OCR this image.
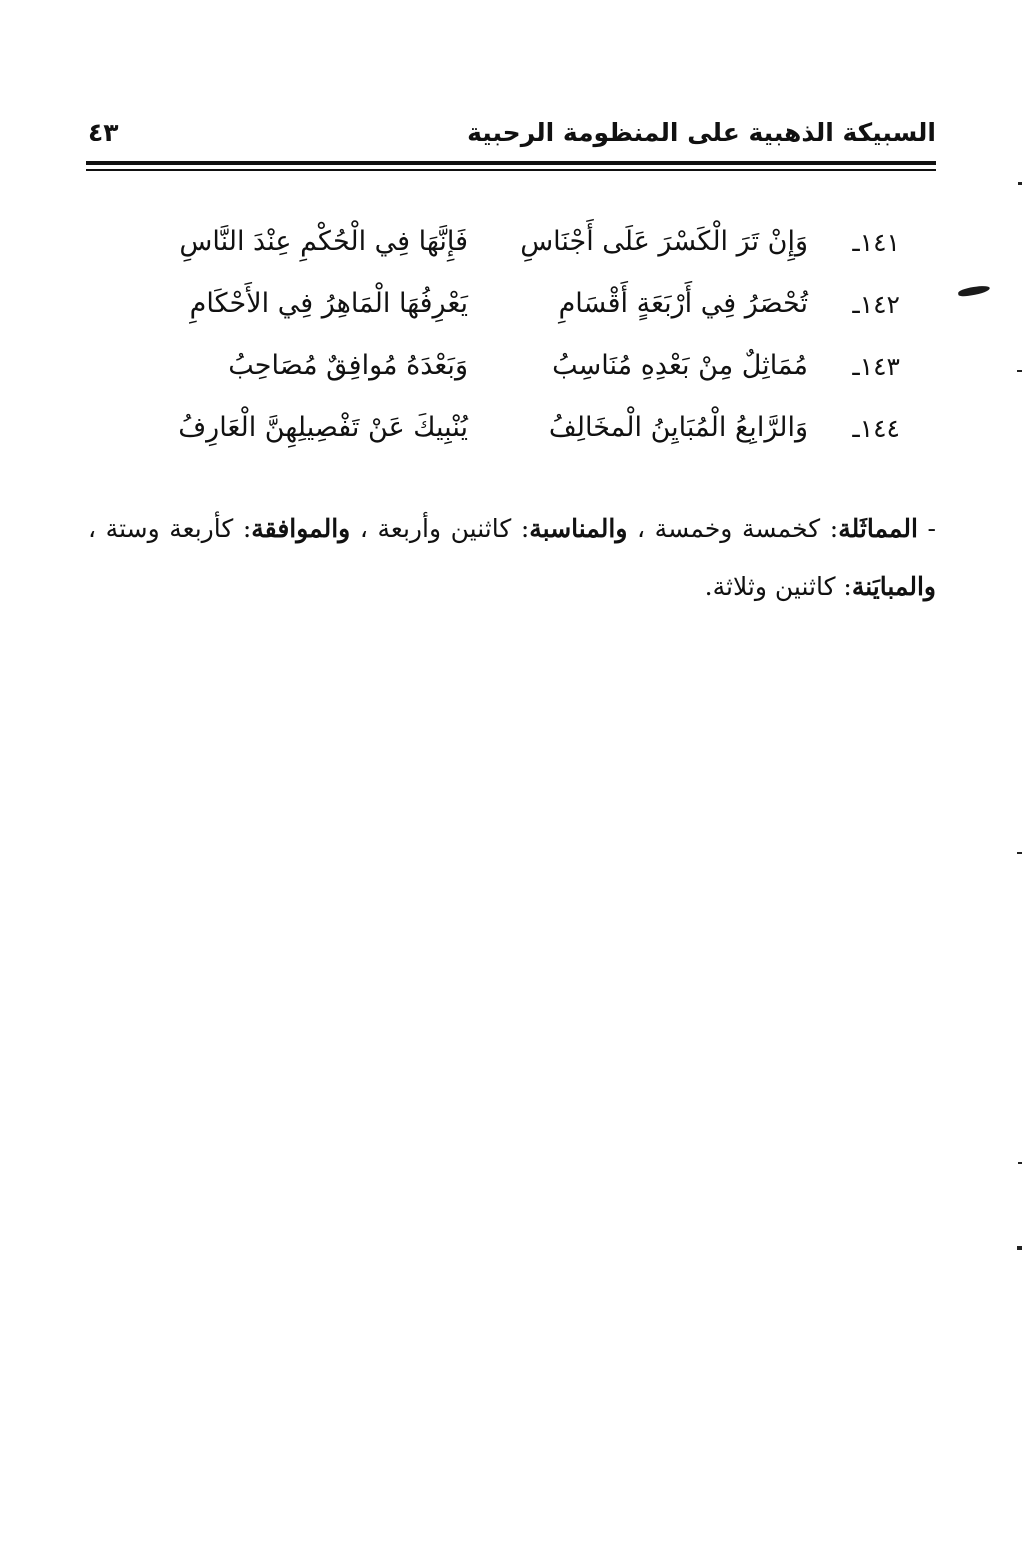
السبيكة الذهبية على المنظومة الرحبية
٤٣
١٤١ـ
وَإِنْ تَرَ الْكَسْرَ عَلَى أَجْنَاسِ
فَإِنَّهَا فِي الْحُكْمِ عِنْدَ النَّاسِ
١٤٢ـ
تُحْصَرُ فِي أَرْبَعَةٍ أَقْسَامِ
يَعْرِفُهَا الْمَاهِرُ فِي الأَحْكَامِ
١٤٣ـ
مُمَاثِلٌ مِنْ بَعْدِهِ مُنَاسِبُ
وَبَعْدَهُ مُوافِقٌ مُصَاحِبُ
١٤٤ـ
وَالرَّابِعُ الْمُبَايِنُ الْمخَالِفُ
يُنْبِيكَ عَنْ تَفْصِيلِهِنَّ الْعَارِفُ
- المماثَلة: كخمسة وخمسة ، والمناسبة: كاثنين وأربعة ، والموافقة: كأربعة وستة ، والمبايَنة: كاثنين وثلاثة.
